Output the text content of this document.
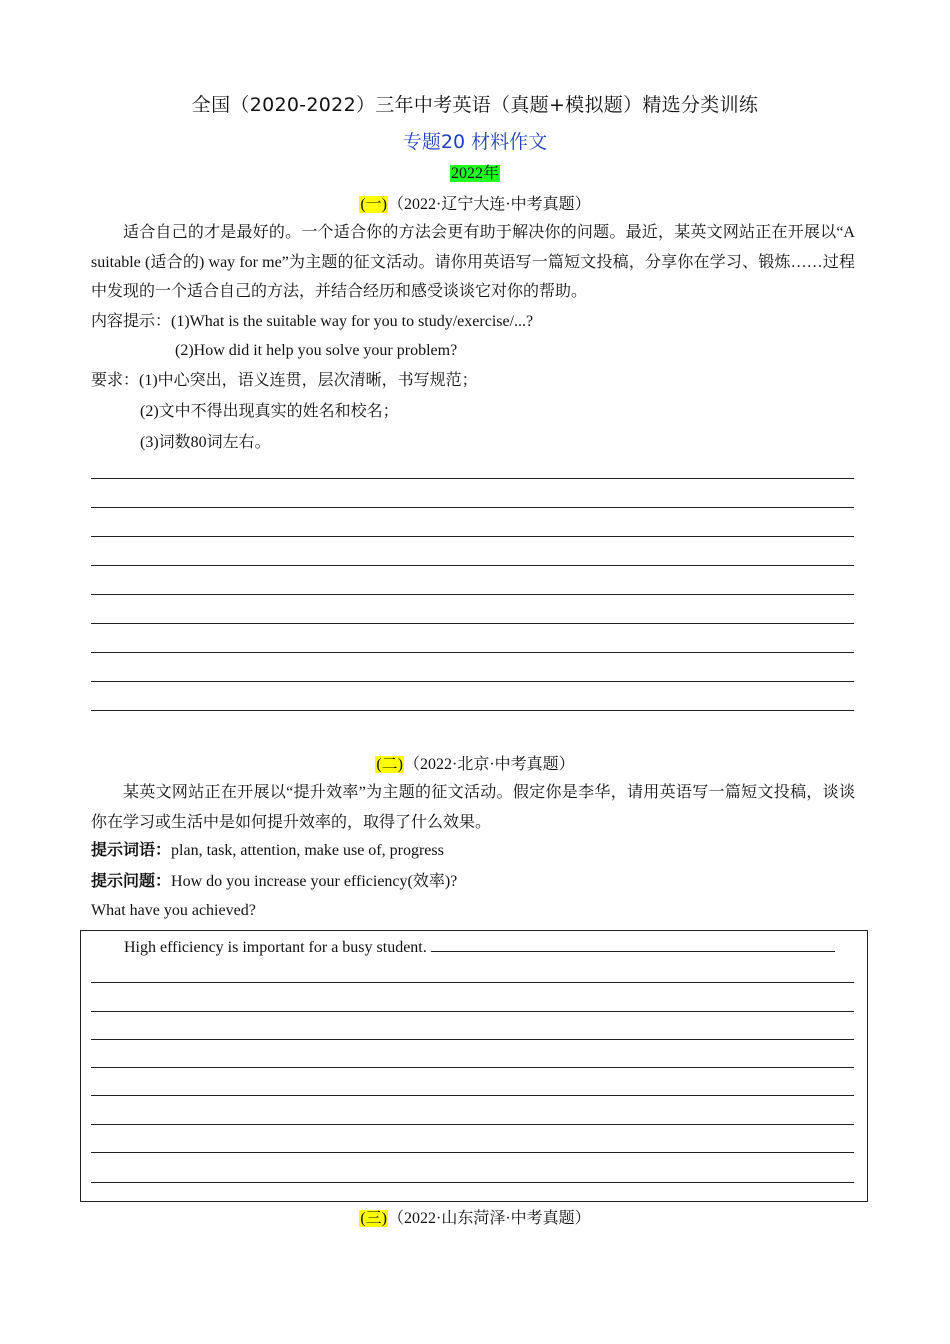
全国（2020-2022）三年中考英语（真题+模拟题）精选分类训练
专题20 材料作文
2022年
(一)（2022·辽宁大连·中考真题）
适合自己的才是最好的。一个适合你的方法会更有助于解决你的问题。最近，某英文网站正在开展以“A suitable (适合的) way for me”为主题的征文活动。请你用英语写一篇短文投稿，分享你在学习、锻炼……过程中发现的一个适合自己的方法，并结合经历和感受谈谈它对你的帮助。
内容提示：(1)What is the suitable way for you to study/exercise/...?
(2)How did it help you solve your problem?
要求：(1)中心突出，语义连贯，层次清晰，书写规范；
(2)文中不得出现真实的姓名和校名；
(3)词数80词左右。
(二)（2022·北京·中考真题）
某英文网站正在开展以“提升效率”为主题的征文活动。假定你是李华，请用英语写一篇短文投稿，谈谈你在学习或生活中是如何提升效率的，取得了什么效果。
提示词语：plan, task, attention, make use of, progress
提示问题：How do you increase your efficiency(效率)?
What have you achieved?
High efficiency is important for a busy student.
(三)（2022·山东菏泽·中考真题）
